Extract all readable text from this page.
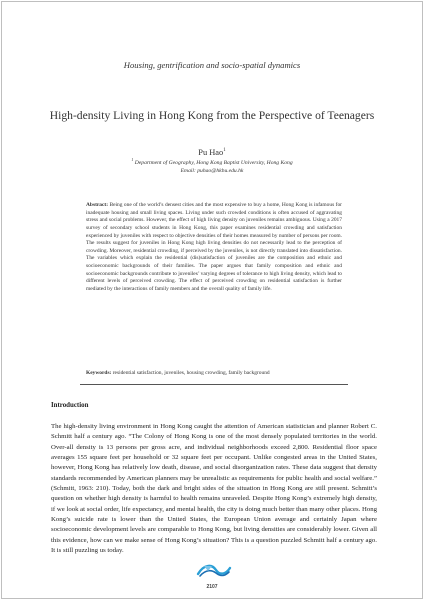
Housing, gentrification and socio-spatial dynamics
High-density Living in Hong Kong from the Perspective of Teenagers
Pu Hao$^1$
$^1$ Department of Geography, Hong Kong Baptist University, Hong Kong
Email: puhao@hkbu.edu.hk
Abstract: Being one of the world’s densest cities and the most expensive to buy a home, Hong Kong is infamous for inadequate housing and small living spaces. Living under such crowded conditions is often accused of aggravating stress and social problems. However, the effect of high living density on juveniles remains ambiguous. Using a 2017 survey of secondary school students in Hong Kong, this paper examines residential crowding and satisfaction experienced by juveniles with respect to objective densities of their homes measured by number of persons per room. The results suggest for juveniles in Hong Kong high living densities do not necessarily lead to the perception of crowding. Moreover, residential crowding, if perceived by the juveniles, is not directly translated into dissatisfaction. The variables which explain the residential (dis)satisfaction of juveniles are the composition and ethnic and socioeconomic backgrounds of their families. The paper argues that family composition and ethnic and socioeconomic backgrounds contribute to juveniles’ varying degrees of tolerance to high living density, which lead to different levels of perceived crowding. The effect of perceived crowding on residential satisfaction is further mediated by the interactions of family members and the overall quality of family life.
Keywords: residential satisfaction, juveniles, housing crowding, family background
Introduction
The high-density living environment in Hong Kong caught the attention of American statistician and planner Robert C. Schmitt half a century ago. “The Colony of Hong Kong is one of the most densely populated territories in the world. Over-all density is 13 persons per gross acre, and individual neighborhoods exceed 2,800. Residential floor space averages 155 square feet per household or 32 square feet per occupant. Unlike congested areas in the United States, however, Hong Kong has relatively low death, disease, and social disorganization rates. These data suggest that density standards recommended by American planners may be unrealistic as requirements for public health and social welfare.” (Schmitt, 1963: 210). Today, both the dark and bright sides of the situation in Hong Kong are still present. Schmitt’s question on whether high density is harmful to health remains unraveled. Despite Hong Kong’s extremely high density, if we look at social order, life expectancy, and mental health, the city is doing much better than many other places. Hong Kong’s suicide rate is lower than the United States, the European Union average and certainly Japan where socioeconomic development levels are comparable to Hong Kong, but living densities are considerably lower. Given all this evidence, how can we make sense of Hong Kong’s situation? This is a question puzzled Schmitt half a century ago. It is still puzzling us today.
2107
